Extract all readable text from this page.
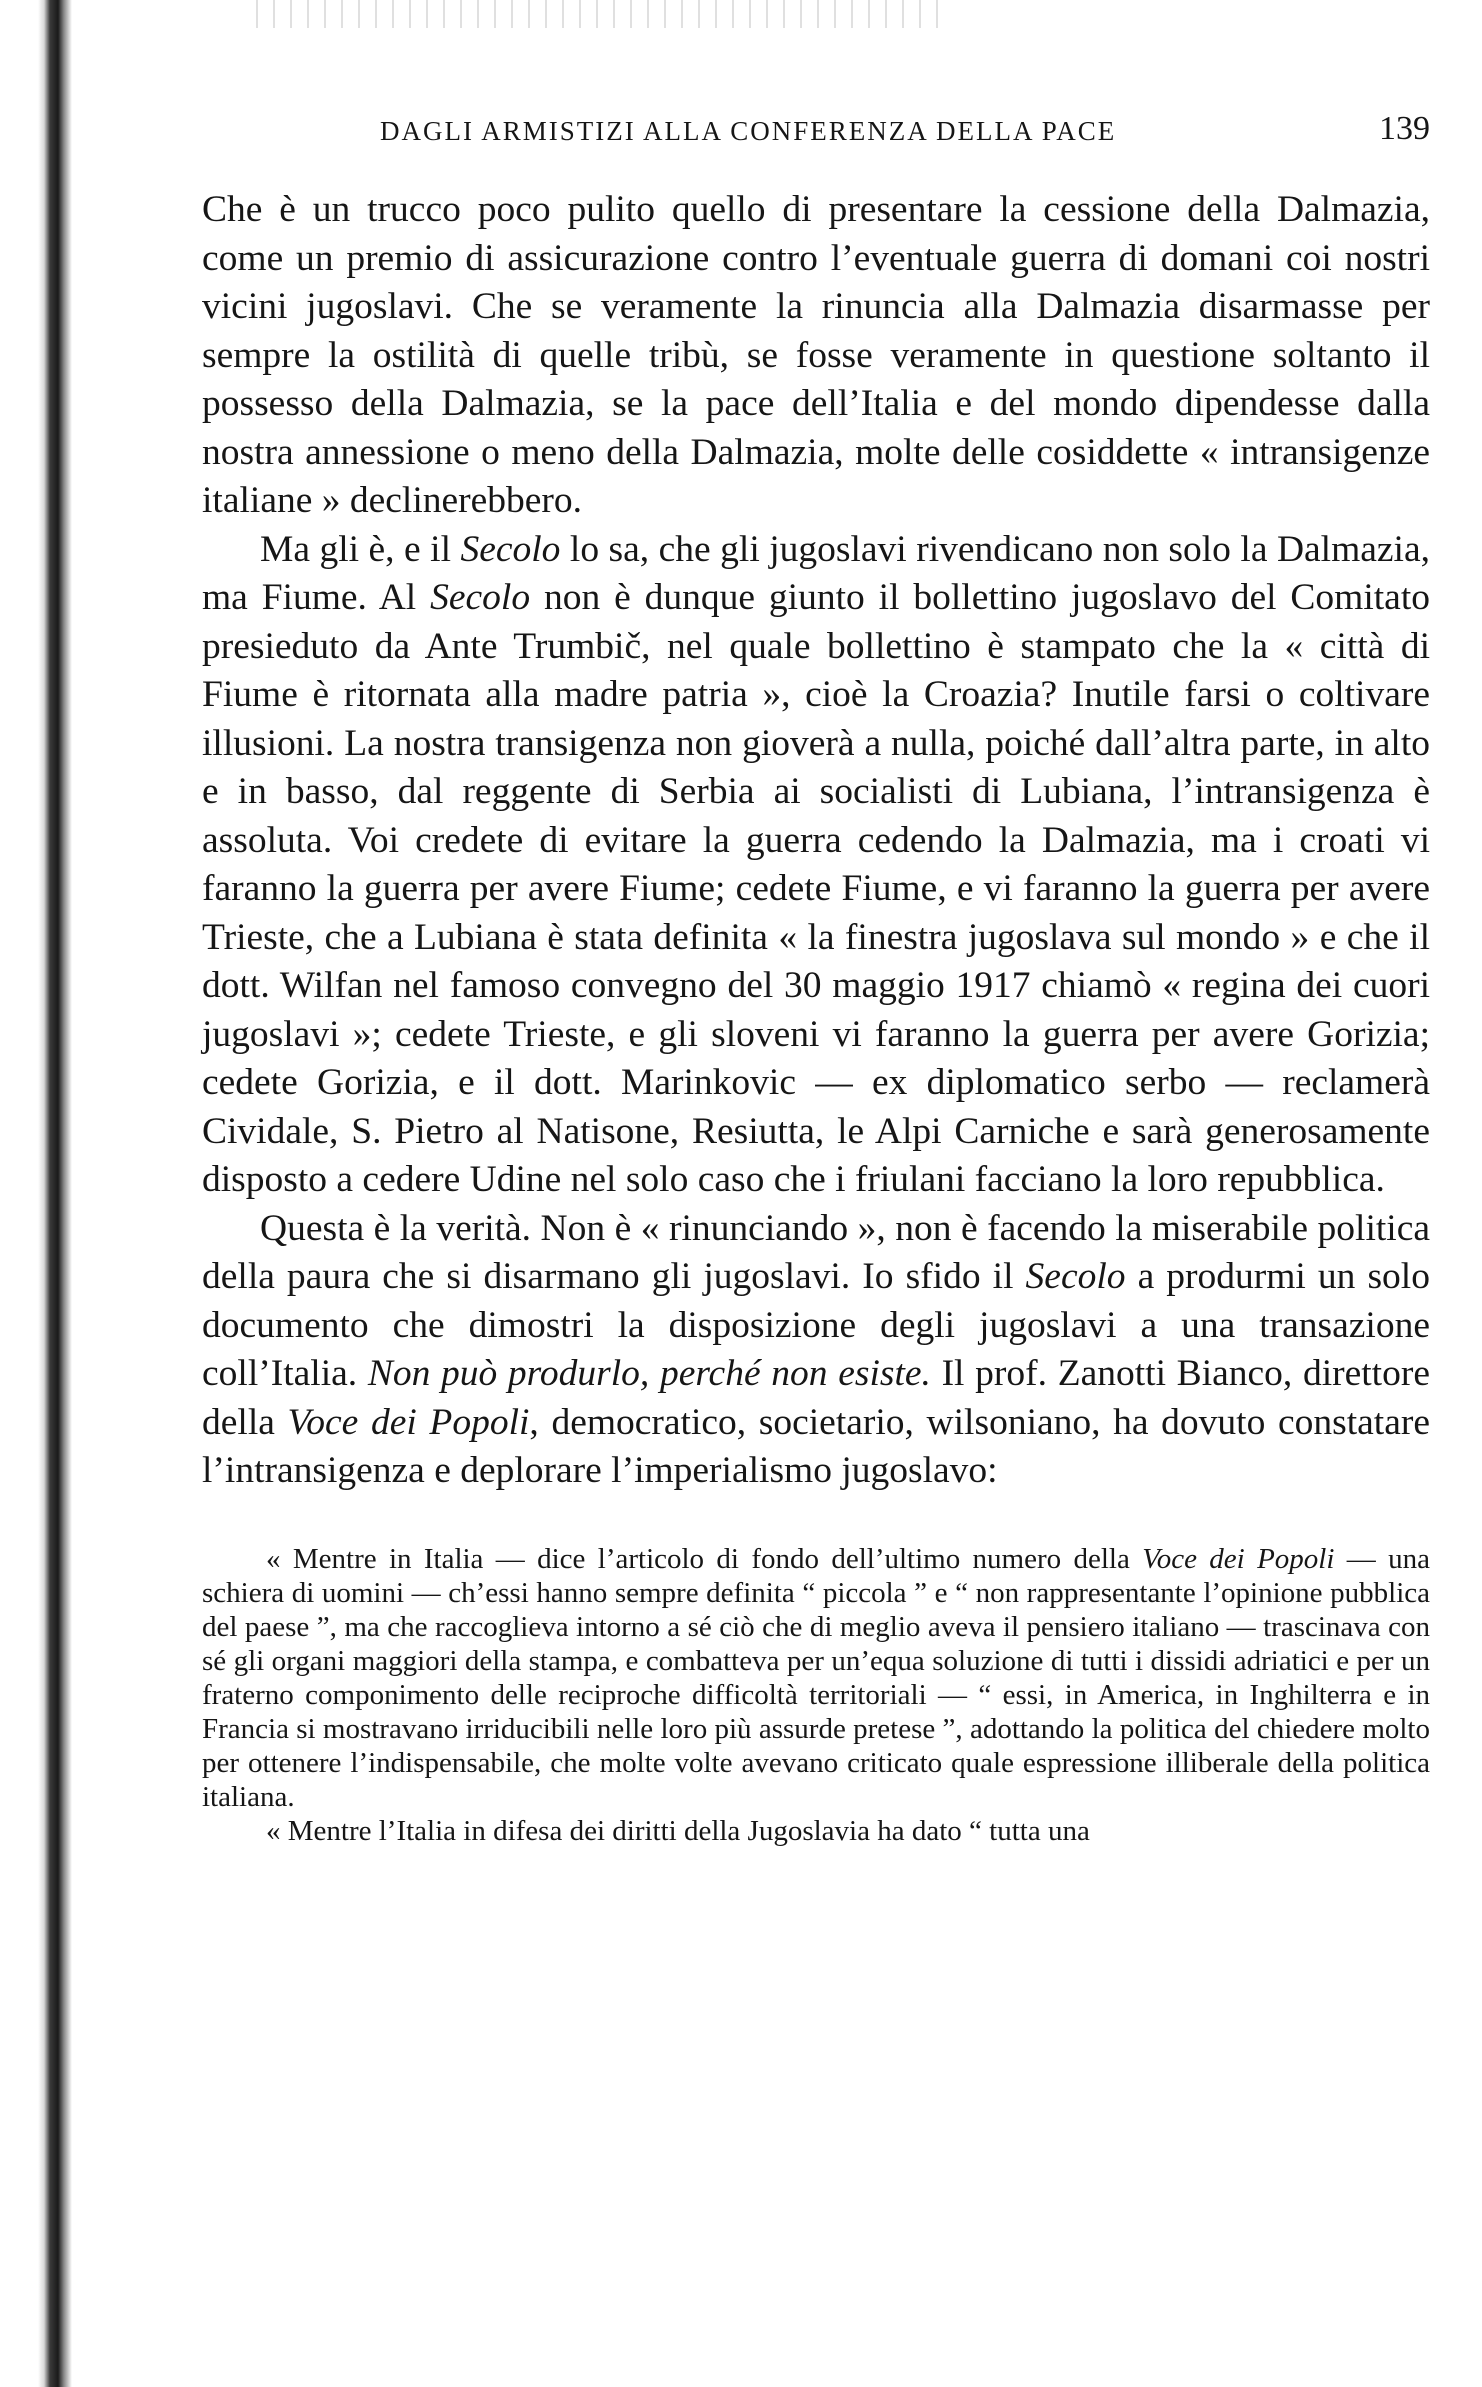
DAGLI ARMISTIZI ALLA CONFERENZA DELLA PACE	139

Che è un trucco poco pulito quello di presentare la cessione della Dalmazia, come un premio di assicurazione contro l’eventuale guerra di domani coi nostri vicini jugoslavi. Che se veramente la rinuncia alla Dalmazia disarmasse per sempre la ostilità di quelle tribù, se fosse veramente in questione soltanto il possesso della Dalmazia, se la pace dell’Italia e del mondo dipendesse dalla nostra annessione o meno della Dalmazia, molte delle cosiddette « intransigenze italiane » declinerebbero.

Ma gli è, e il Secolo lo sa, che gli jugoslavi rivendicano non solo la Dalmazia, ma Fiume. Al Secolo non è dunque giunto il bollettino jugoslavo del Comitato presieduto da Ante Trumbič, nel quale bollettino è stampato che la « città di Fiume è ritornata alla madre patria », cioè la Croazia? Inutile farsi o coltivare illusioni. La nostra transigenza non gioverà a nulla, poiché dall’altra parte, in alto e in basso, dal reggente di Serbia ai socialisti di Lubiana, l’intransigenza è assoluta. Voi credete di evitare la guerra cedendo la Dalmazia, ma i croati vi faranno la guerra per avere Fiume; cedete Fiume, e vi faranno la guerra per avere Trieste, che a Lubiana è stata definita « la finestra jugoslava sul mondo » e che il dott. Wilfan nel famoso convegno del 30 maggio 1917 chiamò « regina dei cuori jugoslavi »; cedete Trieste, e gli sloveni vi faranno la guerra per avere Gorizia; cedete Gorizia, e il dott. Marinkovic — ex diplomatico serbo — reclamerà Cividale, S. Pietro al Natisone, Resiutta, le Alpi Carniche e sarà generosamente disposto a cedere Udine nel solo caso che i friulani facciano la loro repubblica.

Questa è la verità. Non è « rinunciando », non è facendo la miserabile politica della paura che si disarmano gli jugoslavi. Io sfido il Secolo a produrmi un solo documento che dimostri la disposizione degli jugoslavi a una transazione coll’Italia. Non può produrlo, perché non esiste. Il prof. Zanotti Bianco, direttore della Voce dei Popoli, democratico, societario, wilsoniano, ha dovuto constatare l’intransigenza e deplorare l’imperialismo jugoslavo:

« Mentre in Italia — dice l’articolo di fondo dell’ultimo numero della Voce dei Popoli — una schiera di uomini — ch’essi hanno sempre definita “ piccola ” e “ non rappresentante l’opinione pubblica del paese ”, ma che raccoglieva intorno a sé ciò che di meglio aveva il pensiero italiano — trascinava con sé gli organi maggiori della stampa, e combatteva per un’equa soluzione di tutti i dissidi adriatici e per un fraterno componimento delle reciproche difficoltà territoriali — “ essi, in America, in Inghilterra e in Francia si mostravano irriducibili nelle loro più assurde pretese ”, adottando la politica del chiedere molto per ottenere l’indispensabile, che molte volte avevano criticato quale espressione illiberale della politica italiana.

« Mentre l’Italia in difesa dei diritti della Jugoslavia ha dato “ tutta una
